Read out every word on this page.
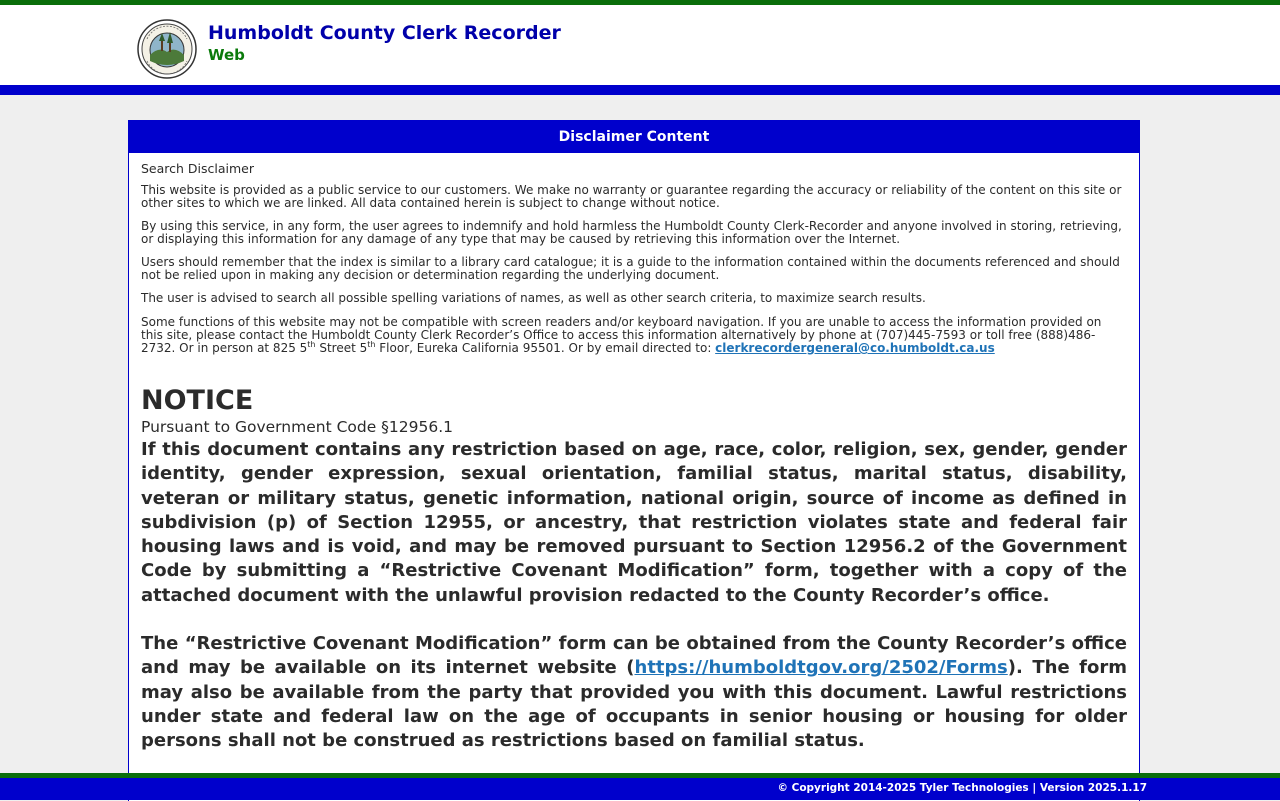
Humboldt County Clerk Recorder
Web
Disclaimer Content

Search Disclaimer

This website is provided as a public service to our customers. We make no warranty or guarantee regarding the accuracy or reliability of the content on this site or other sites to which we are linked. All data contained herein is subject to change without notice.

By using this service, in any form, the user agrees to indemnify and hold harmless the Humboldt County Clerk-Recorder and anyone involved in storing, retrieving, or displaying this information for any damage of any type that may be caused by retrieving this information over the Internet.

Users should remember that the index is similar to a library card catalogue; it is a guide to the information contained within the documents referenced and should not be relied upon in making any decision or determination regarding the underlying document.

The user is advised to search all possible spelling variations of names, as well as other search criteria, to maximize search results.

Some functions of this website may not be compatible with screen readers and/or keyboard navigation. If you are unable to access the information provided on this site, please contact the Humboldt County Clerk Recorder’s Office to access this information alternatively by phone at (707)445-7593 or toll free (888)486-2732. Or in person at 825 5th Street 5th Floor, Eureka California 95501. Or by email directed to: clerkrecordergeneral@co.humboldt.ca.us

NOTICE
Pursuant to Government Code §12956.1

If this document contains any restriction based on age, race, color, religion, sex, gender, gender identity, gender expression, sexual orientation, familial status, marital status, disability, veteran or military status, genetic information, national origin, source of income as defined in subdivision (p) of Section 12955, or ancestry, that restriction violates state and federal fair housing laws and is void, and may be removed pursuant to Section 12956.2 of the Government Code by submitting a “Restrictive Covenant Modification” form, together with a copy of the attached document with the unlawful provision redacted to the County Recorder’s office.

The “Restrictive Covenant Modification” form can be obtained from the County Recorder’s office and may be available on its internet website (https://humboldtgov.org/2502/Forms). The form may also be available from the party that provided you with this document. Lawful restrictions under state and federal law on the age of occupants in senior housing or housing for older persons shall not be construed as restrictions based on familial status.

© Copyright 2014-2025 Tyler Technologies | Version 2025.1.17
